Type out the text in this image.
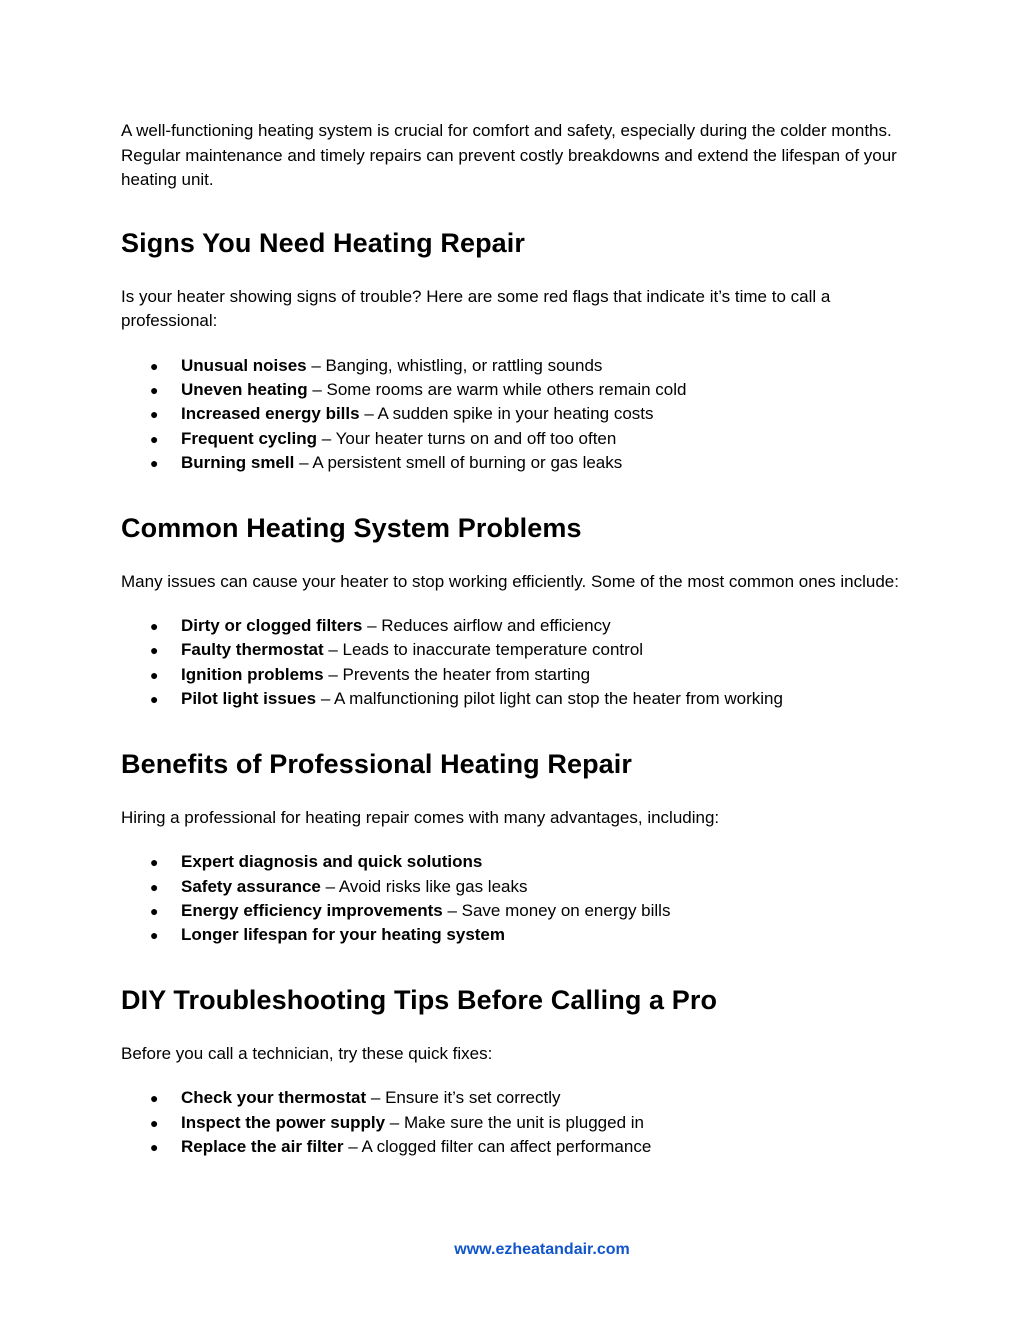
A well-functioning heating system is crucial for comfort and safety, especially during the colder months. Regular maintenance and timely repairs can prevent costly breakdowns and extend the lifespan of your heating unit.

Signs You Need Heating Repair

Is your heater showing signs of trouble? Here are some red flags that indicate it’s time to call a professional:

● Unusual noises – Banging, whistling, or rattling sounds
● Uneven heating – Some rooms are warm while others remain cold
● Increased energy bills – A sudden spike in your heating costs
● Frequent cycling – Your heater turns on and off too often
● Burning smell – A persistent smell of burning or gas leaks
Common Heating System Problems

Many issues can cause your heater to stop working efficiently. Some of the most common ones include:

● Dirty or clogged filters – Reduces airflow and efficiency
● Faulty thermostat – Leads to inaccurate temperature control
● Ignition problems – Prevents the heater from starting
● Pilot light issues – A malfunctioning pilot light can stop the heater from working
Benefits of Professional Heating Repair

Hiring a professional for heating repair comes with many advantages, including:

● Expert diagnosis and quick solutions
● Safety assurance – Avoid risks like gas leaks
● Energy efficiency improvements – Save money on energy bills
● Longer lifespan for your heating system
DIY Troubleshooting Tips Before Calling a Pro

Before you call a technician, try these quick fixes:

● Check your thermostat – Ensure it’s set correctly
● Inspect the power supply – Make sure the unit is plugged in
● Replace the air filter – A clogged filter can affect performance
www.ezheatandair.com
